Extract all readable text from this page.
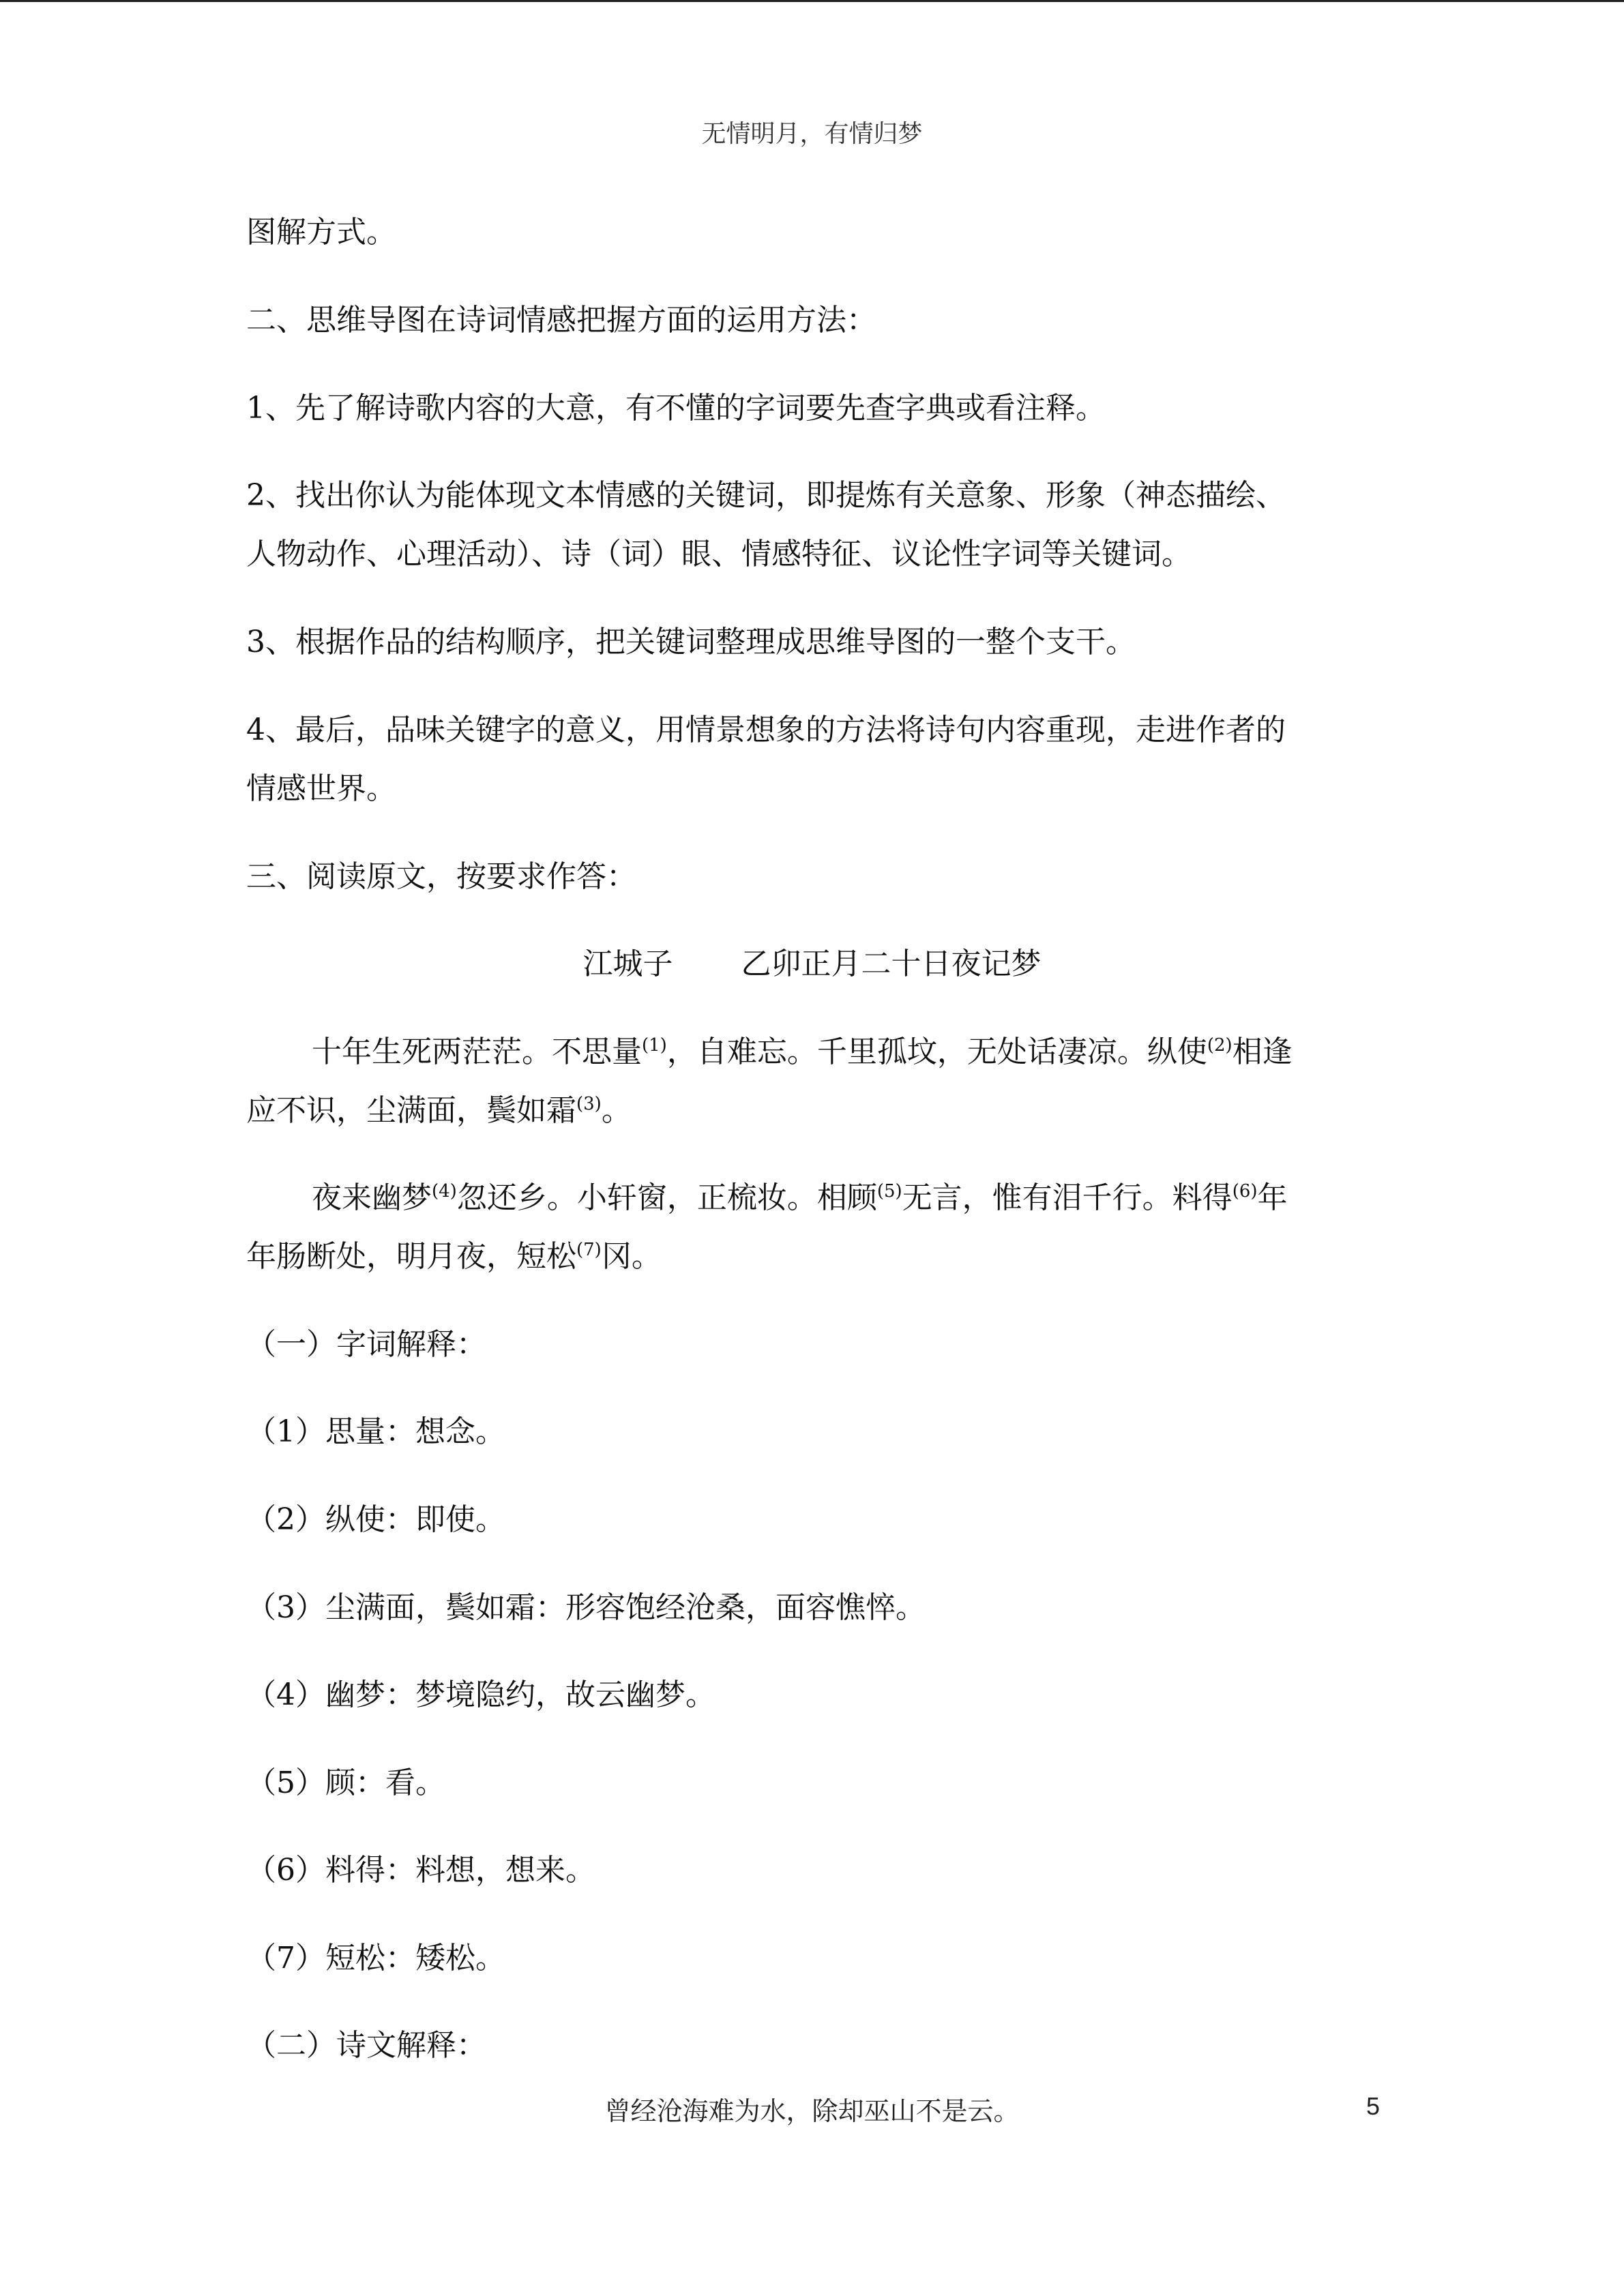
无情明月，有情归梦
图解方式。
二、思维导图在诗词情感把握方面的运用方法：
1、先了解诗歌内容的大意，有不懂的字词要先查字典或看注释。
2、找出你认为能体现文本情感的关键词，即提炼有关意象、形象（神态描绘、
人物动作、心理活动）、诗（词）眼、情感特征、议论性字词等关键词。
3、根据作品的结构顺序，把关键词整理成思维导图的一整个支干。
4、最后，品味关键字的意义，用情景想象的方法将诗句内容重现，走进作者的
情感世界。
三、阅读原文，按要求作答：
江城子 乙卯正月二十日夜记梦
十年生死两茫茫。不思量$^{(1)}$，自难忘。千里孤坟，无处话凄凉。纵使$^{(2)}$相逢
应不识，尘满面，鬓如霜$^{(3)}$。
夜来幽梦$^{(4)}$忽还乡。小轩窗，正梳妆。相顾$^{(5)}$无言，惟有泪千行。料得$^{(6)}$年
年肠断处，明月夜，短松$^{(7)}$冈。
（一）字词解释：
（1）思量：想念。
（2）纵使：即使。
（3）尘满面，鬓如霜：形容饱经沧桑，面容憔悴。
（4）幽梦：梦境隐约，故云幽梦。
（5）顾：看。
（6）料得：料想，想来。
（7）短松：矮松。
（二）诗文解释：
曾经沧海难为水，除却巫山不是云。	5
